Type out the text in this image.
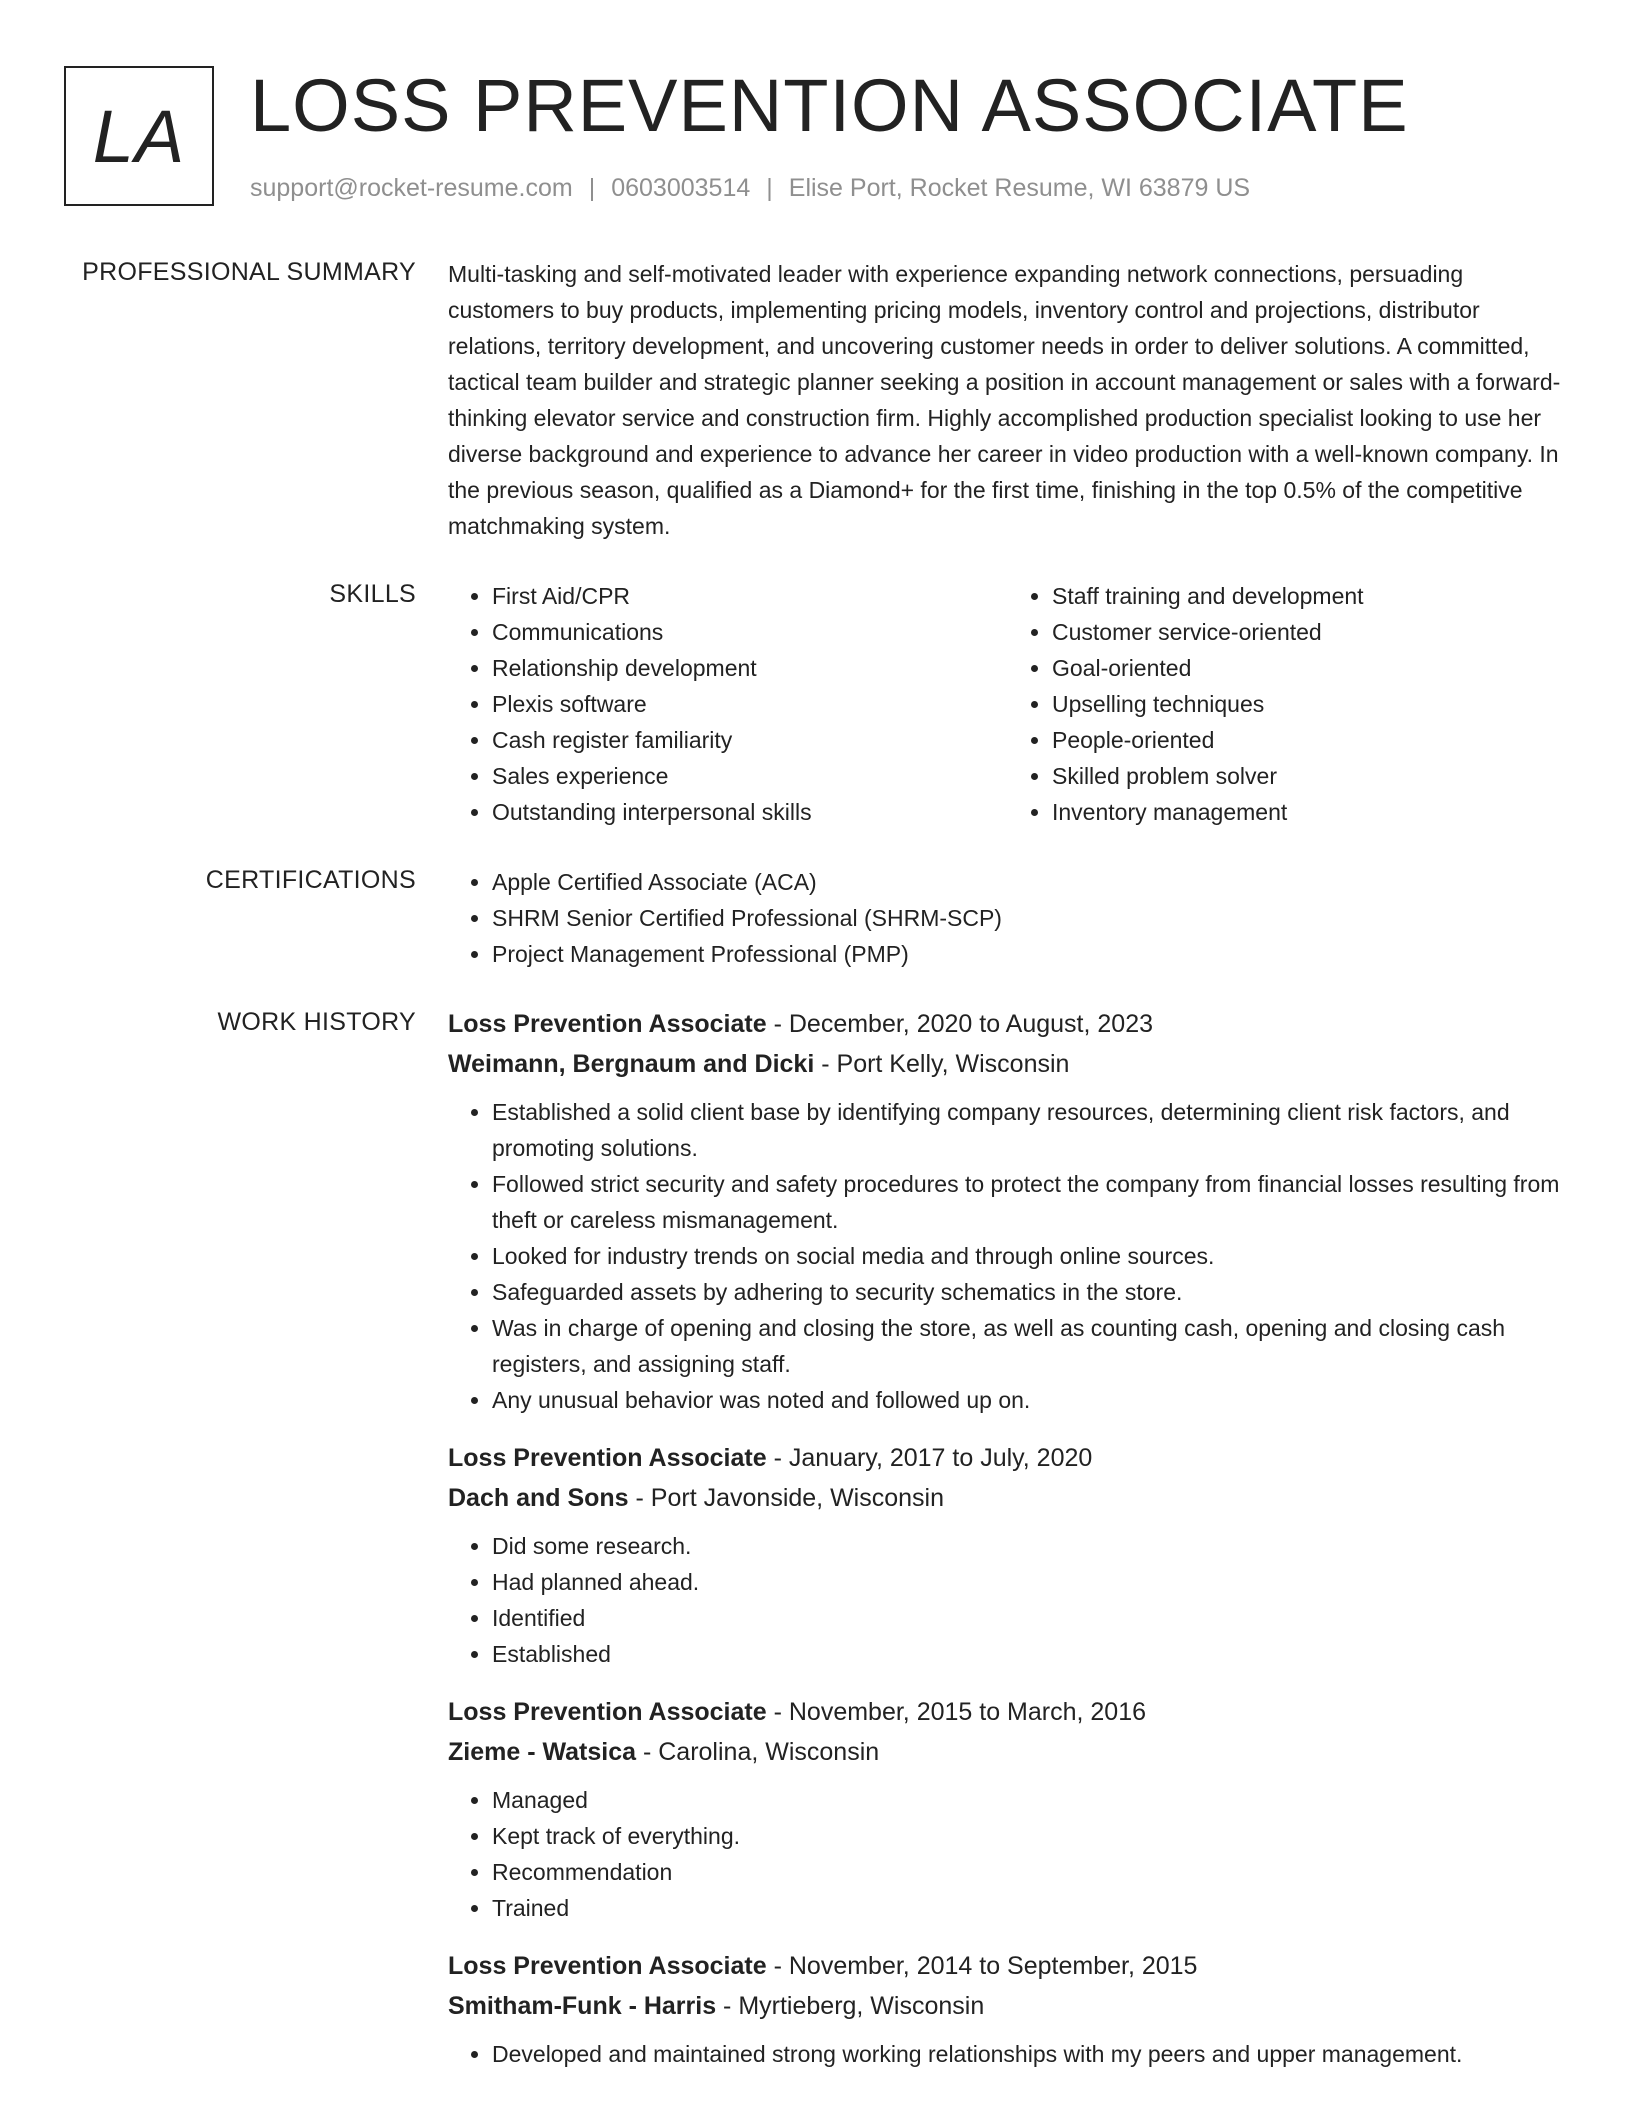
LA LOSS PREVENTION ASSOCIATE
support@rocket-resume.com | 0603003514 | Elise Port, Rocket Resume, WI 63879 US
PROFESSIONAL SUMMARY Multi-tasking and self-motivated leader with experience expanding network connections, persuading customers to buy products, implementing pricing models, inventory control and projections, distributor relations, territory development, and uncovering customer needs in order to deliver solutions. A committed, tactical team builder and strategic planner seeking a position in account management or sales with a forward-thinking elevator service and construction firm. Highly accomplished production specialist looking to use her diverse background and experience to advance her career in video production with a well-known company. In the previous season, qualified as a Diamond+ for the first time, finishing in the top 0.5% of the competitive matchmaking system.

SKILLS	• First Aid/CPR
• Communications
• Relationship development
• Plexis software
• Cash register familiarity
• Sales experience
• Outstanding interpersonal skills
• Staff training and development
• Customer service-oriented
• Goal-oriented
• Upselling techniques
• People-oriented
• Skilled problem solver
• Inventory management
CERTIFICATIONS	• Apple Certified Associate (ACA)
• SHRM Senior Certified Professional (SHRM-SCP)
• Project Management Professional (PMP)
WORK HISTORY Loss Prevention Associate - December, 2020 to August, 2023
Weimann, Bergnaum and Dicki - Port Kelly, Wisconsin
• Established a solid client base by identifying company resources, determining client risk factors, and promoting solutions.
• Followed strict security and safety procedures to protect the company from financial losses resulting from theft or careless mismanagement.
• Looked for industry trends on social media and through online sources.
• Safeguarded assets by adhering to security schematics in the store.
• Was in charge of opening and closing the store, as well as counting cash, opening and closing cash registers, and assigning staff.
• Any unusual behavior was noted and followed up on.
Loss Prevention Associate - January, 2017 to July, 2020
Dach and Sons - Port Javonside, Wisconsin
• Did some research.
• Had planned ahead.
• Identified
• Established
Loss Prevention Associate - November, 2015 to March, 2016
Zieme - Watsica - Carolina, Wisconsin
• Managed
• Kept track of everything.
• Recommendation
• Trained
Loss Prevention Associate - November, 2014 to September, 2015
Smitham-Funk - Harris - Myrtieberg, Wisconsin
• Developed and maintained strong working relationships with my peers and upper management.
